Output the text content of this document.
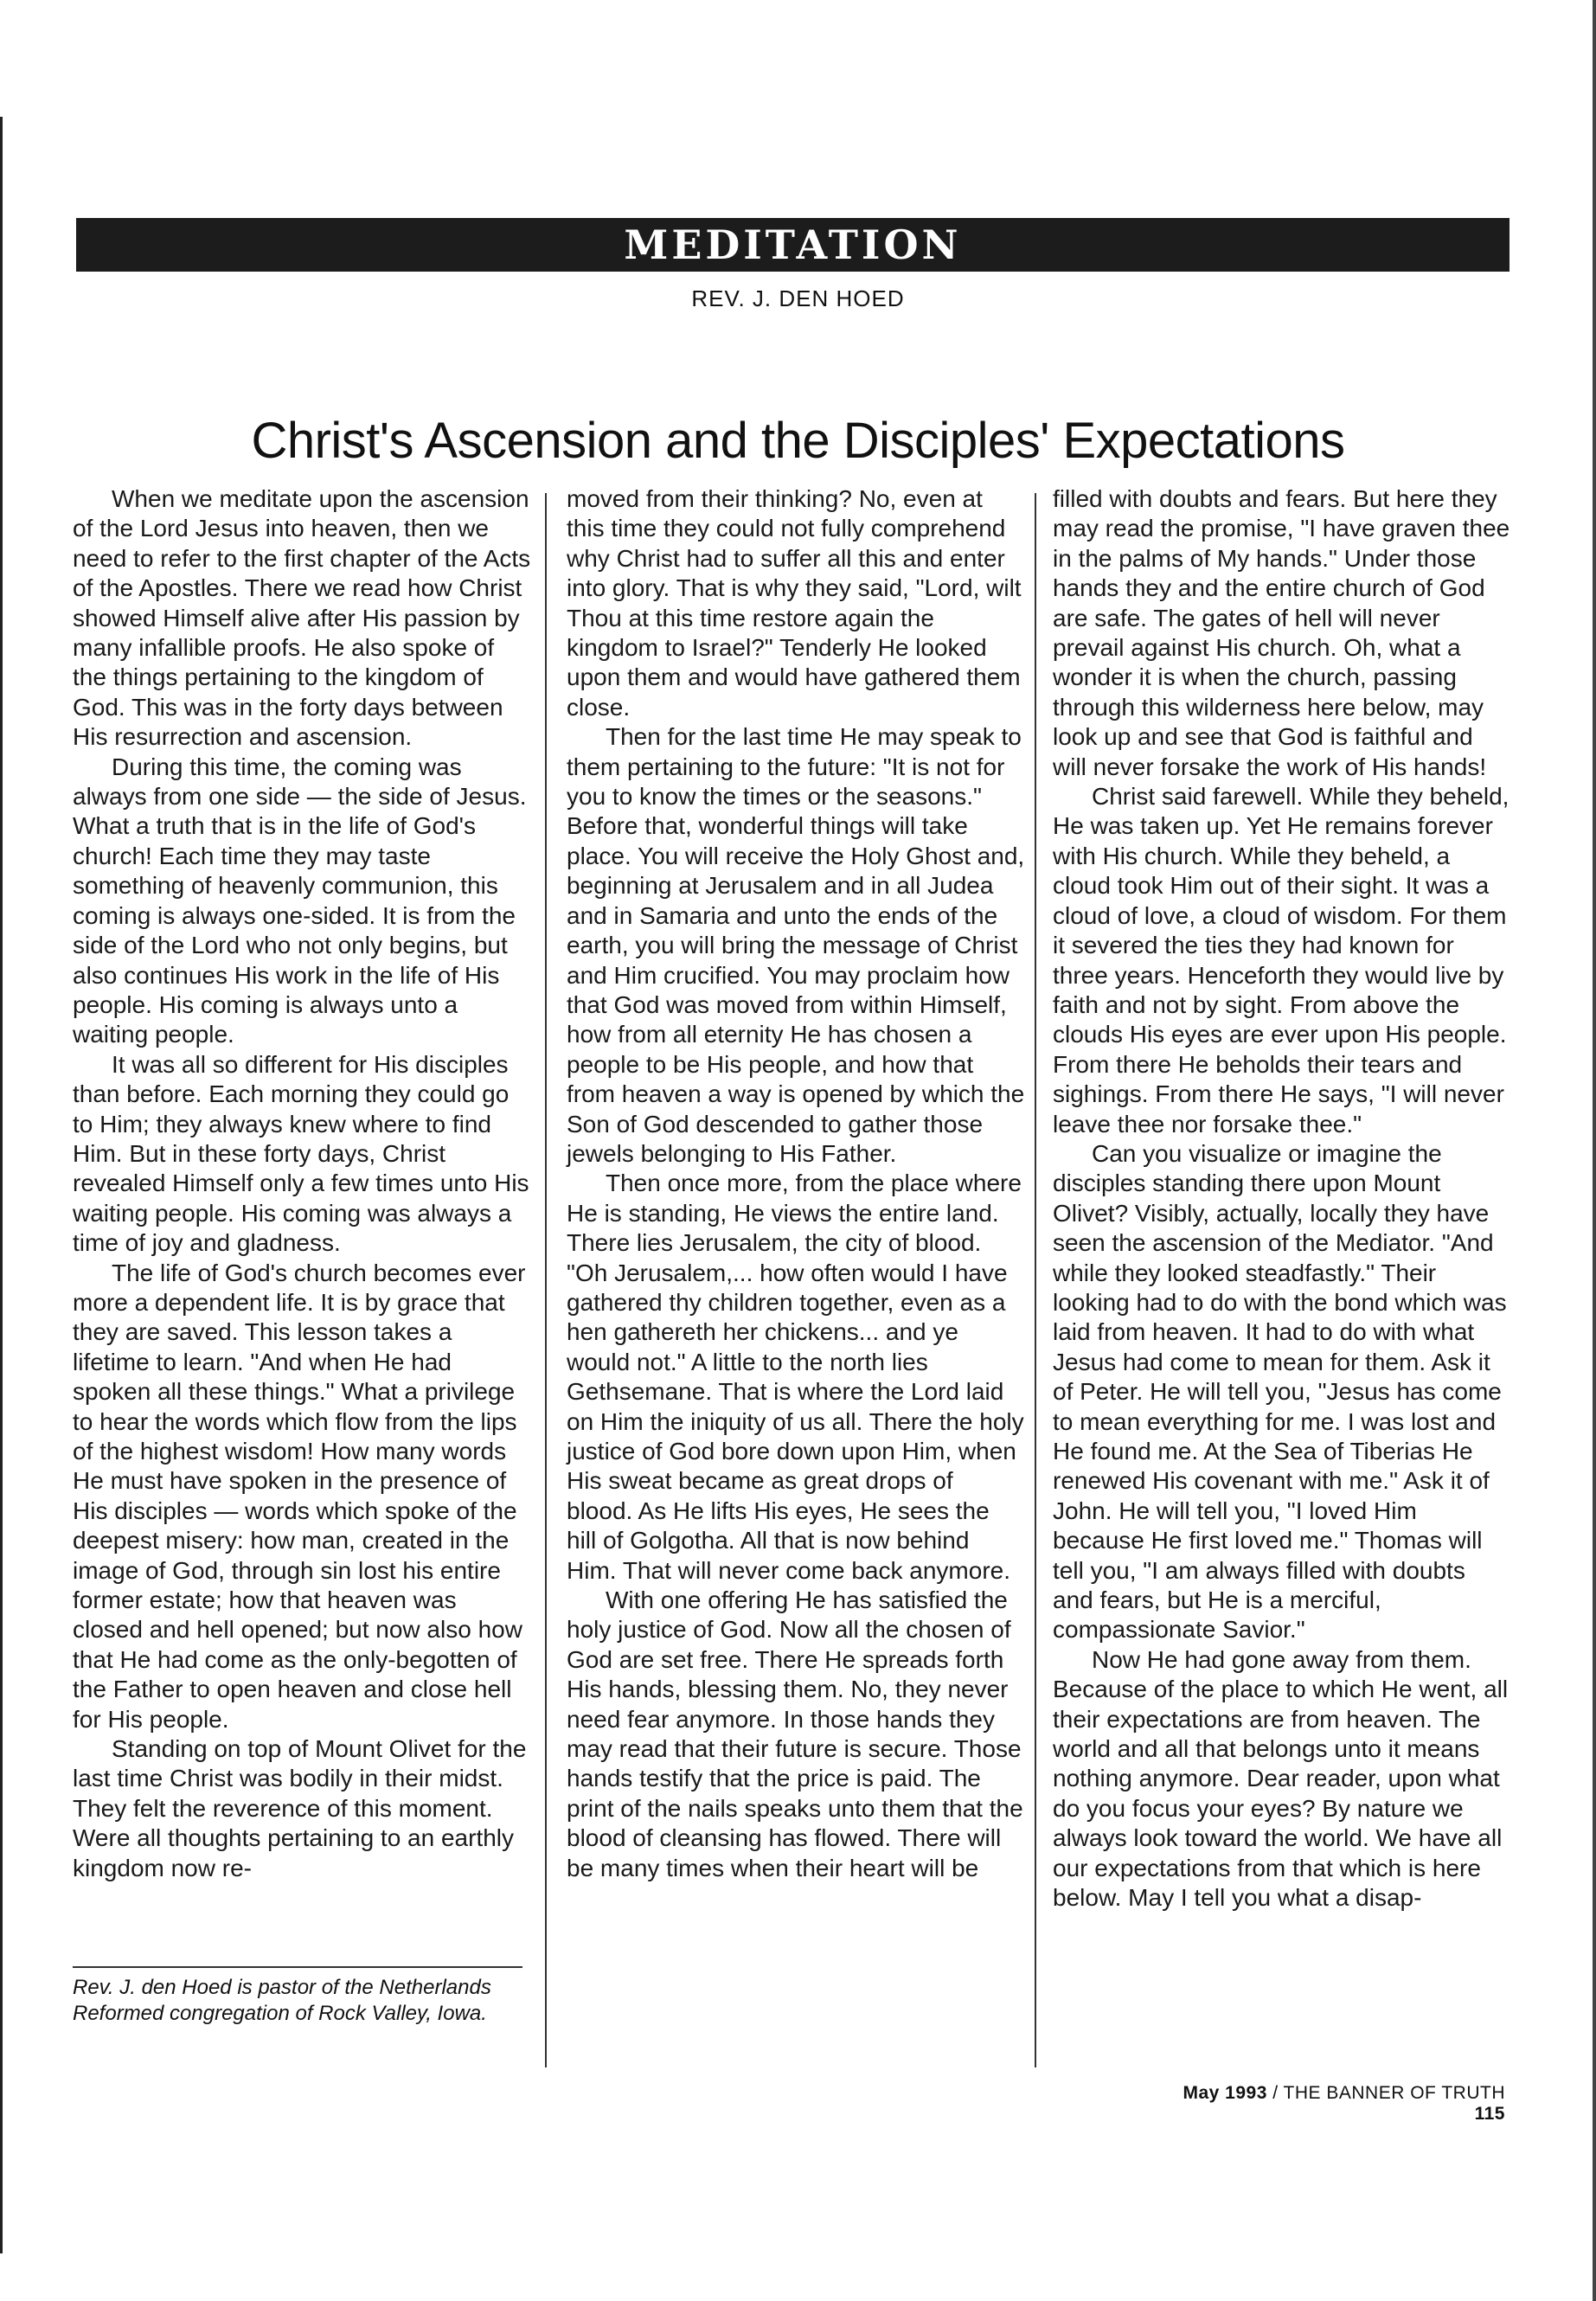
MEDITATION
REV. J. DEN HOED
Christ's Ascension and the Disciples' Expectations

When we meditate upon the ascension of the Lord Jesus into heaven, then we need to refer to the first chapter of the Acts of the Apostles. There we read how Christ showed Himself alive after His passion by many infallible proofs. He also spoke of the things pertaining to the kingdom of God. This was in the forty days between His resurrection and ascension.

During this time, the coming was always from one side — the side of Jesus. What a truth that is in the life of God's church! Each time they may taste something of heavenly communion, this coming is always one-sided. It is from the side of the Lord who not only begins, but also continues His work in the life of His people. His coming is always unto a waiting people.

It was all so different for His disciples than before. Each morning they could go to Him; they always knew where to find Him. But in these forty days, Christ revealed Himself only a few times unto His waiting people. His coming was always a time of joy and gladness.

The life of God's church becomes ever more a dependent life. It is by grace that they are saved. This lesson takes a lifetime to learn. "And when He had spoken all these things." What a privilege to hear the words which flow from the lips of the highest wisdom! How many words He must have spoken in the presence of His disciples — words which spoke of the deepest misery: how man, created in the image of God, through sin lost his entire former estate; how that heaven was closed and hell opened; but now also how that He had come as the only-begotten of the Father to open heaven and close hell for His people.

Standing on top of Mount Olivet for the last time Christ was bodily in their midst. They felt the reverence of this moment. Were all thoughts pertaining to an earthly kingdom now re-

moved from their thinking? No, even at this time they could not fully comprehend why Christ had to suffer all this and enter into glory. That is why they said, "Lord, wilt Thou at this time restore again the kingdom to Israel?" Tenderly He looked upon them and would have gathered them close.

Then for the last time He may speak to them pertaining to the future: "It is not for you to know the times or the seasons." Before that, wonderful things will take place. You will receive the Holy Ghost and, beginning at Jerusalem and in all Judea and in Samaria and unto the ends of the earth, you will bring the message of Christ and Him crucified. You may proclaim how that God was moved from within Himself, how from all eternity He has chosen a people to be His people, and how that from heaven a way is opened by which the Son of God descended to gather those jewels belonging to His Father.

Then once more, from the place where He is standing, He views the entire land. There lies Jerusalem, the city of blood. "Oh Jerusalem,... how often would I have gathered thy children together, even as a hen gathereth her chickens... and ye would not." A little to the north lies Gethsemane. That is where the Lord laid on Him the iniquity of us all. There the holy justice of God bore down upon Him, when His sweat became as great drops of blood. As He lifts His eyes, He sees the hill of Golgotha. All that is now behind Him. That will never come back anymore.

With one offering He has satisfied the holy justice of God. Now all the chosen of God are set free. There He spreads forth His hands, blessing them. No, they never need fear anymore. In those hands they may read that their future is secure. Those hands testify that the price is paid. The print of the nails speaks unto them that the blood of cleansing has flowed. There will be many times when their heart will be

filled with doubts and fears. But here they may read the promise, "I have graven thee in the palms of My hands." Under those hands they and the entire church of God are safe. The gates of hell will never prevail against His church. Oh, what a wonder it is when the church, passing through this wilderness here below, may look up and see that God is faithful and will never forsake the work of His hands!

Christ said farewell. While they beheld, He was taken up. Yet He remains forever with His church. While they beheld, a cloud took Him out of their sight. It was a cloud of love, a cloud of wisdom. For them it severed the ties they had known for three years. Henceforth they would live by faith and not by sight. From above the clouds His eyes are ever upon His people. From there He beholds their tears and sighings. From there He says, "I will never leave thee nor forsake thee."

Can you visualize or imagine the disciples standing there upon Mount Olivet? Visibly, actually, locally they have seen the ascension of the Mediator. "And while they looked steadfastly." Their looking had to do with the bond which was laid from heaven. It had to do with what Jesus had come to mean for them. Ask it of Peter. He will tell you, "Jesus has come to mean everything for me. I was lost and He found me. At the Sea of Tiberias He renewed His covenant with me." Ask it of John. He will tell you, "I loved Him because He first loved me." Thomas will tell you, "I am always filled with doubts and fears, but He is a merciful, compassionate Savior."

Now He had gone away from them. Because of the place to which He went, all their expectations are from heaven. The world and all that belongs unto it means nothing anymore. Dear reader, upon what do you focus your eyes? By nature we always look toward the world. We have all our expectations from that which is here below. May I tell you what a disap-

Rev. J. den Hoed is pastor of the Netherlands Reformed congregation of Rock Valley, Iowa.
May 1993 / THE BANNER OF TRUTH 115
